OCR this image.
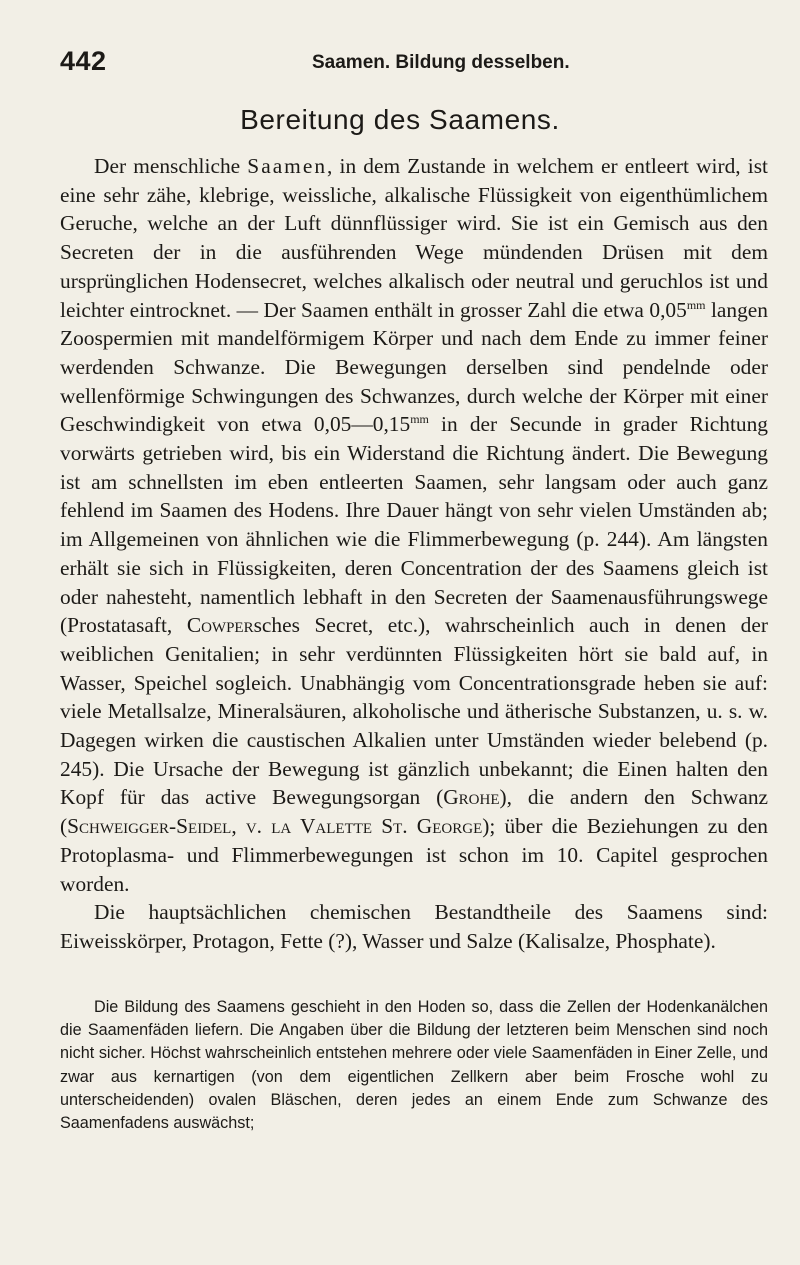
442	Saamen. Bildung desselben.
Bereitung des Saamens.

Der menschliche Saamen, in dem Zustande in welchem er entleert wird, ist eine sehr zähe, klebrige, weissliche, alkalische Flüssigkeit von eigenthümlichem Geruche, welche an der Luft dünnflüssiger wird. Sie ist ein Gemisch aus den Secreten der in die ausführenden Wege mündenden Drüsen mit dem ursprünglichen Hodensecret, welches alkalisch oder neutral und geruchlos ist und leichter eintrocknet. — Der Saamen enthält in grosser Zahl die etwa $0,05^{mm}$ langen Zoospermien mit mandelförmigem Körper und nach dem Ende zu immer feiner werdenden Schwanze. Die Bewegungen derselben sind pendelnde oder wellenförmige Schwingungen des Schwanzes, durch welche der Körper mit einer Geschwindigkeit von etwa $0,05—0,15^{mm}$ in der Secunde in grader Richtung vorwärts getrieben wird, bis ein Widerstand die Richtung ändert. Die Bewegung ist am schnellsten im eben entleerten Saamen, sehr langsam oder auch ganz fehlend im Saamen des Hodens. Ihre Dauer hängt von sehr vielen Umständen ab; im Allgemeinen von ähnlichen wie die Flimmerbewegung (p. 244). Am längsten erhält sie sich in Flüssigkeiten, deren Concentration der des Saamens gleich ist oder nahesteht, namentlich lebhaft in den Secreten der Saamenausführungswege (Prostatasaft, Cowpersches Secret, etc.), wahrscheinlich auch in denen der weiblichen Genitalien; in sehr verdünnten Flüssigkeiten hört sie bald auf, in Wasser, Speichel sogleich. Unabhängig vom Concentrationsgrade heben sie auf: viele Metallsalze, Mineralsäuren, alkoholische und ätherische Substanzen, u. s. w. Dagegen wirken die caustischen Alkalien unter Umständen wieder belebend (p. 245). Die Ursache der Bewegung ist gänzlich unbekannt; die Einen halten den Kopf für das active Bewegungsorgan (Grohe), die andern den Schwanz (Schweigger-Seidel, v. la Valette St. George); über die Beziehungen zu den Protoplasma- und Flimmerbewegungen ist schon im 10. Capitel gesprochen worden.

Die hauptsächlichen chemischen Bestandtheile des Saamens sind: Eiweisskörper, Protagon, Fette (?), Wasser und Salze (Kalisalze, Phosphate).

Die Bildung des Saamens geschieht in den Hoden so, dass die Zellen der Hodenkanälchen die Saamenfäden liefern. Die Angaben über die Bildung der letzteren beim Menschen sind noch nicht sicher. Höchst wahrscheinlich entstehen mehrere oder viele Saamenfäden in Einer Zelle, und zwar aus kernartigen (von dem eigentlichen Zellkern aber beim Frosche wohl zu unterscheidenden) ovalen Bläschen, deren jedes an einem Ende zum Schwanze des Saamenfadens auswächst;
